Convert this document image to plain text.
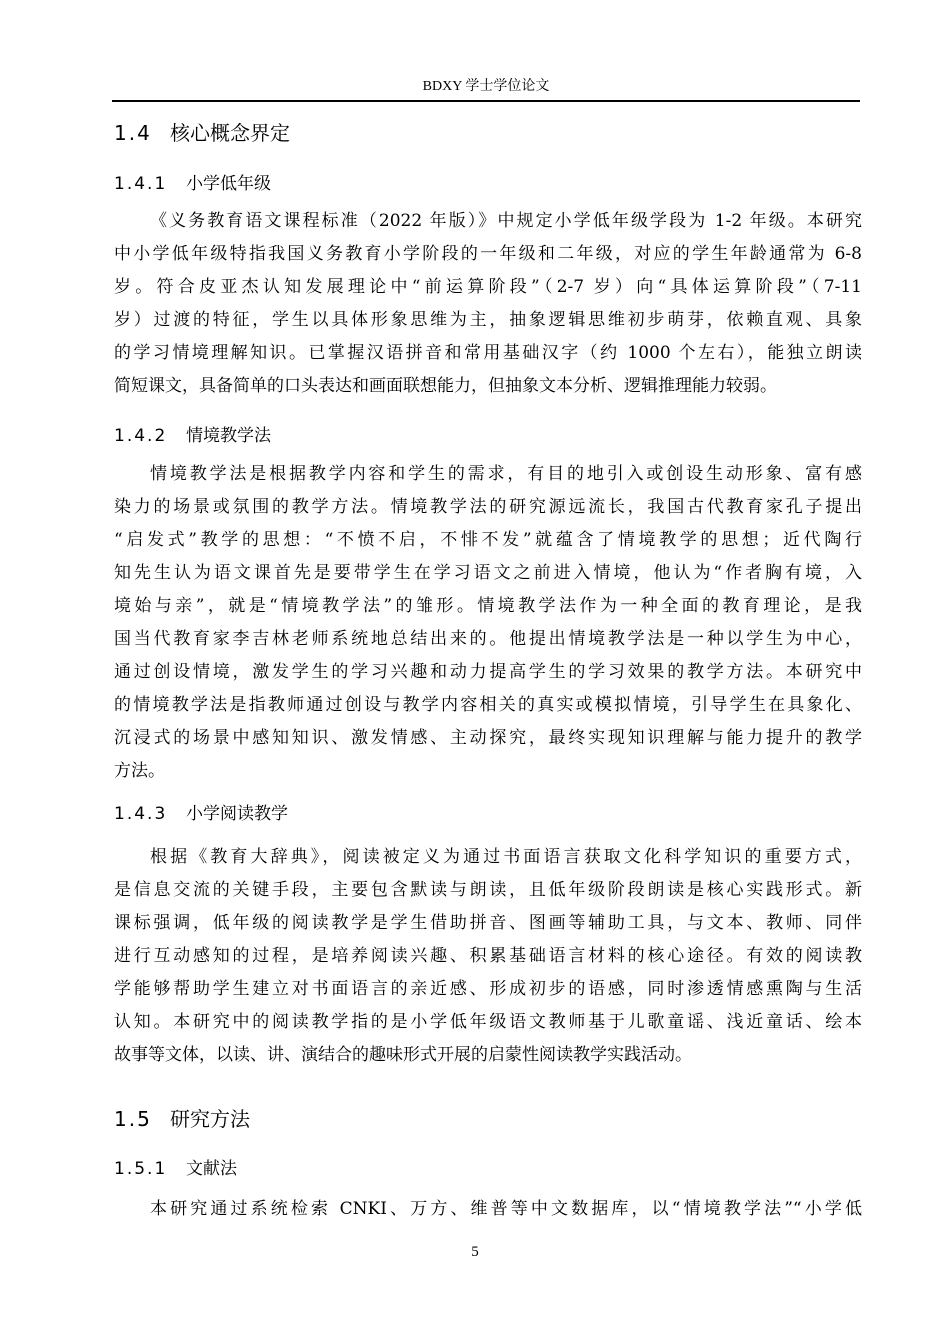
BDXY 学士学位论文
1.4 核心概念界定
1.4.1 小学低年级
《义务教育语文课程标准（2022 年版）》中规定小学低年级学段为 1-2 年级。本研究
中小学低年级特指我国义务教育小学阶段的一年级和二年级，对应的学生年龄通常为 6-8
岁。符合皮亚杰认知发展理论中“前运算阶段”（2-7 岁）向“具体运算阶段”（7-11
岁）过渡的特征，学生以具体形象思维为主，抽象逻辑思维初步萌芽，依赖直观、具象
的学习情境理解知识。已掌握汉语拼音和常用基础汉字（约 1000 个左右），能独立朗读
简短课文，具备简单的口头表达和画面联想能力，但抽象文本分析、逻辑推理能力较弱。
1.4.2 情境教学法
情境教学法是根据教学内容和学生的需求，有目的地引入或创设生动形象、富有感
染力的场景或氛围的教学方法。情境教学法的研究源远流长，我国古代教育家孔子提出
“启发式”教学的思想：“不愤不启，不悱不发”就蕴含了情境教学的思想；近代陶行
知先生认为语文课首先是要带学生在学习语文之前进入情境，他认为“作者胸有境，入
境始与亲”，就是“情境教学法”的雏形。情境教学法作为一种全面的教育理论，是我
国当代教育家李吉林老师系统地总结出来的。他提出情境教学法是一种以学生为中心，
通过创设情境，激发学生的学习兴趣和动力提高学生的学习效果的教学方法。本研究中
的情境教学法是指教师通过创设与教学内容相关的真实或模拟情境，引导学生在具象化、
沉浸式的场景中感知知识、激发情感、主动探究，最终实现知识理解与能力提升的教学
方法。
1.4.3 小学阅读教学
根据《教育大辞典》，阅读被定义为通过书面语言获取文化科学知识的重要方式，
是信息交流的关键手段，主要包含默读与朗读，且低年级阶段朗读是核心实践形式。新
课标强调，低年级的阅读教学是学生借助拼音、图画等辅助工具，与文本、教师、同伴
进行互动感知的过程，是培养阅读兴趣、积累基础语言材料的核心途径。有效的阅读教
学能够帮助学生建立对书面语言的亲近感、形成初步的语感，同时渗透情感熏陶与生活
认知。本研究中的阅读教学指的是小学低年级语文教师基于儿歌童谣、浅近童话、绘本
故事等文体，以读、讲、演结合的趣味形式开展的启蒙性阅读教学实践活动。
1.5 研究方法
1.5.1 文献法
本研究通过系统检索 CNKI、万方、维普等中文数据库，以“情境教学法”“小学低
5
